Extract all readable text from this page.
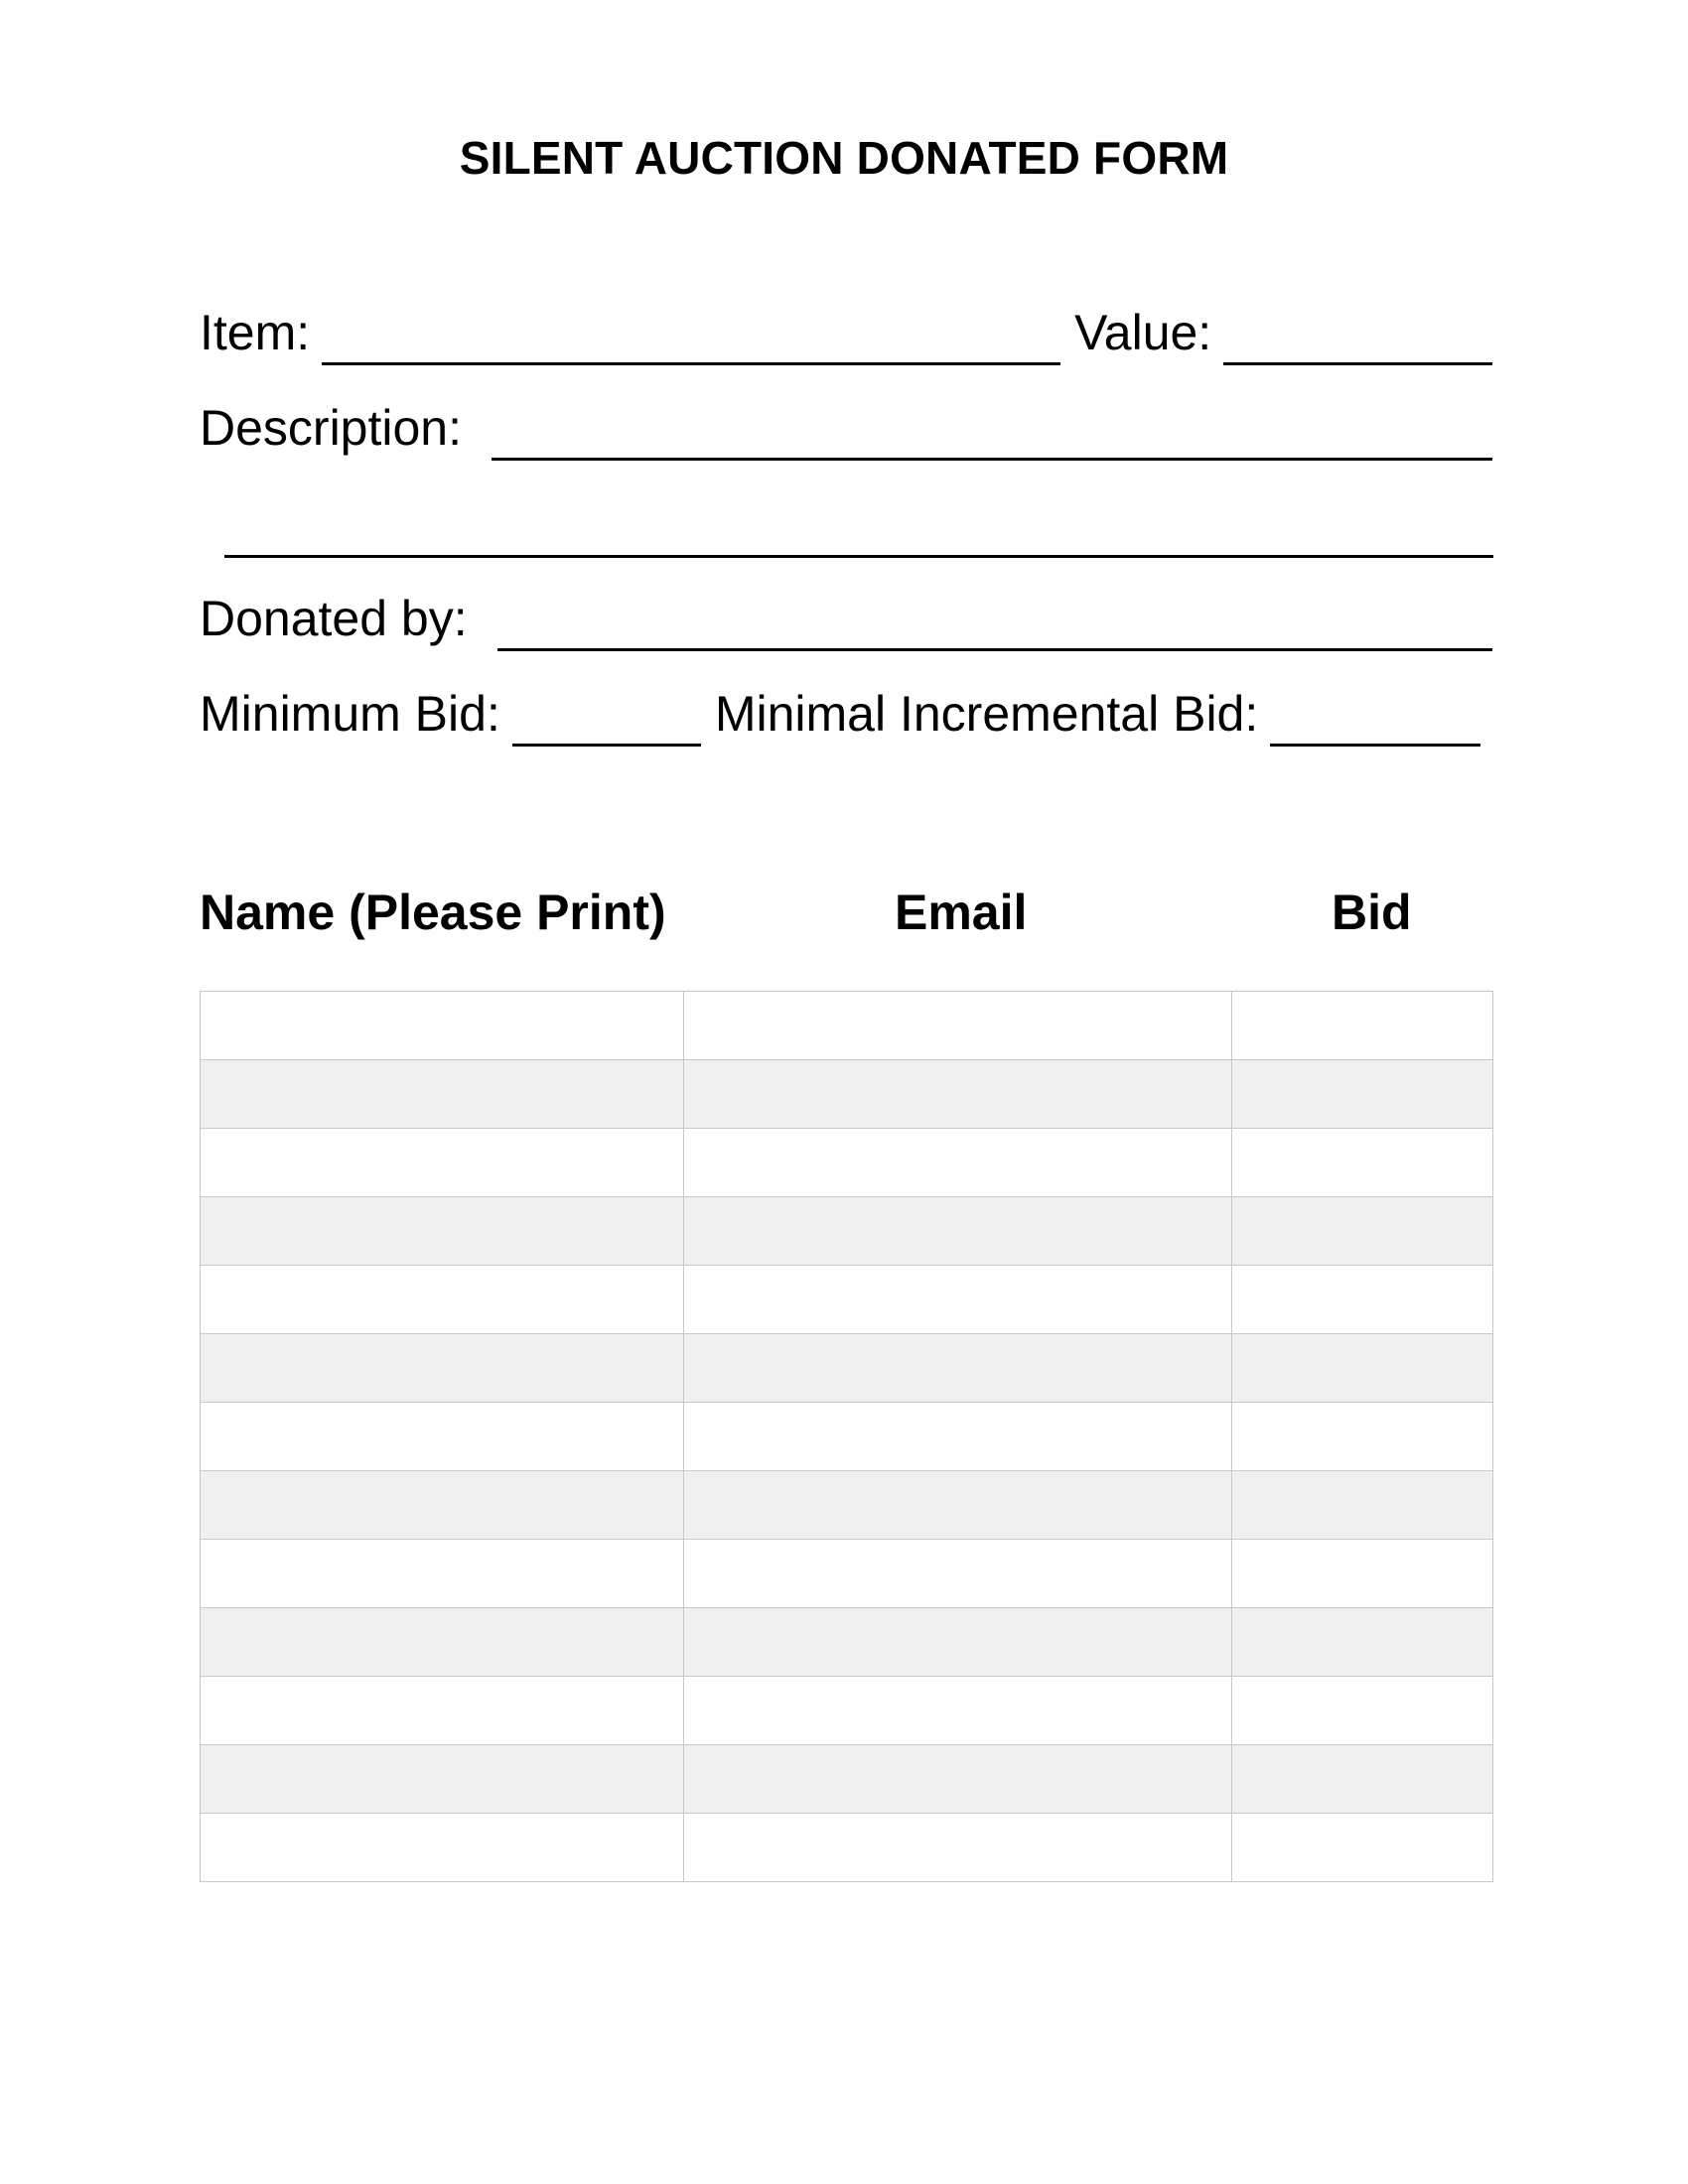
SILENT AUCTION DONATED FORM
Item:	Value:
Description:
Donated by:
Minimum Bid:	Minimal Incremental Bid:
Name (Please Print)	Email	Bid
